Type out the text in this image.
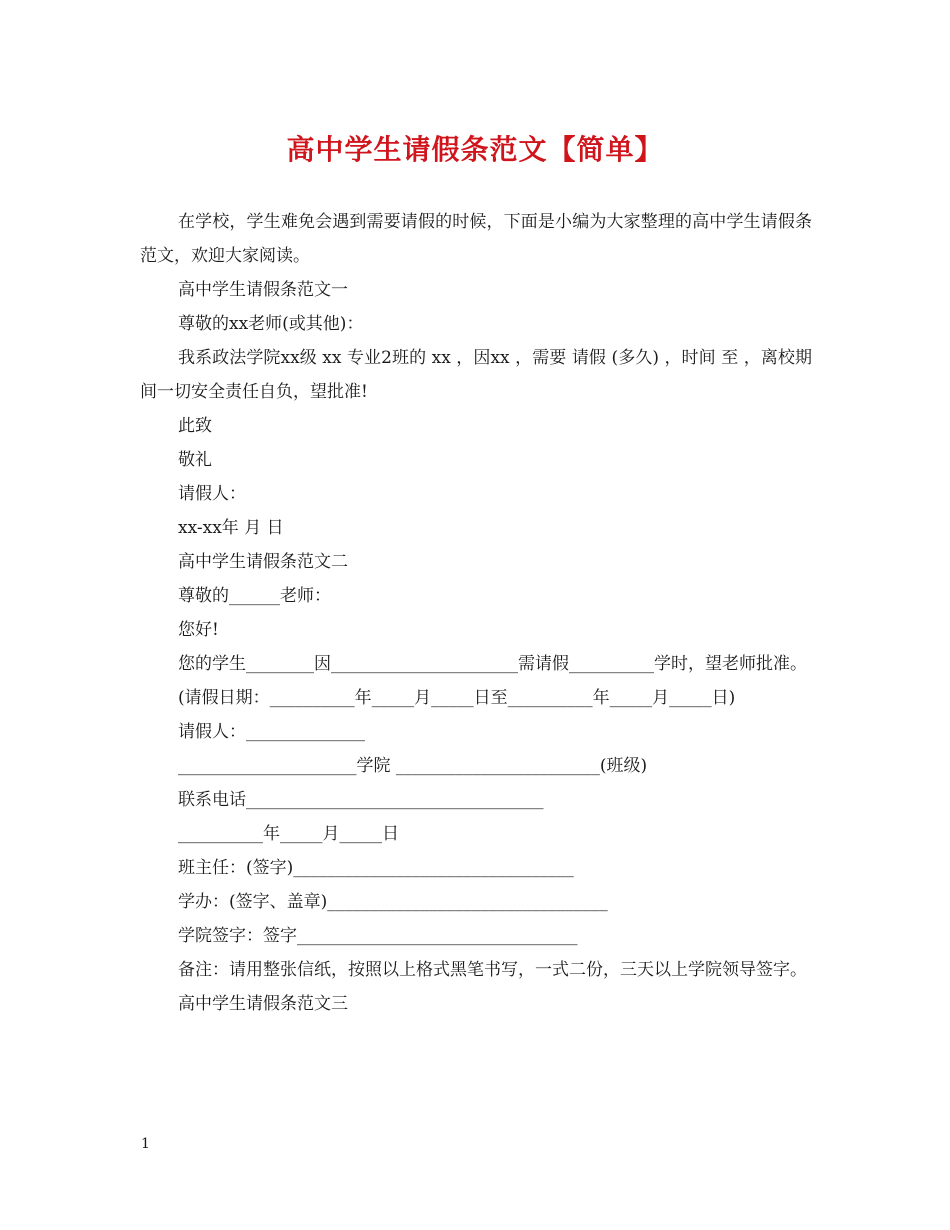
高中学生请假条范文【简单】

在学校，学生难免会遇到需要请假的时候，下面是小编为大家整理的高中学生请假条范文，欢迎大家阅读。

高中学生请假条范文一

尊敬的xx老师(或其他)：

我系政法学院xx级 xx 专业2班的 xx ，因xx ，需要 请假 (多久) ，时间 至 ，离校期间一切安全责任自负，望批准!

此致

敬礼

请假人：

xx-xx年 月 日

高中学生请假条范文二

尊敬的______老师：

您好!

您的学生________因______________________需请假__________学时，望老师批准。

(请假日期：__________年_____月_____日至__________年_____月_____日)

请假人：______________

_____________________学院 ________________________(班级)

联系电话___________________________________

__________年_____月_____日

班主任：(签字)_________________________________

学办：(签字、盖章)_________________________________

学院签字：签字_________________________________

备注：请用整张信纸，按照以上格式黑笔书写，一式二份，三天以上学院领导签字。

高中学生请假条范文三

1
